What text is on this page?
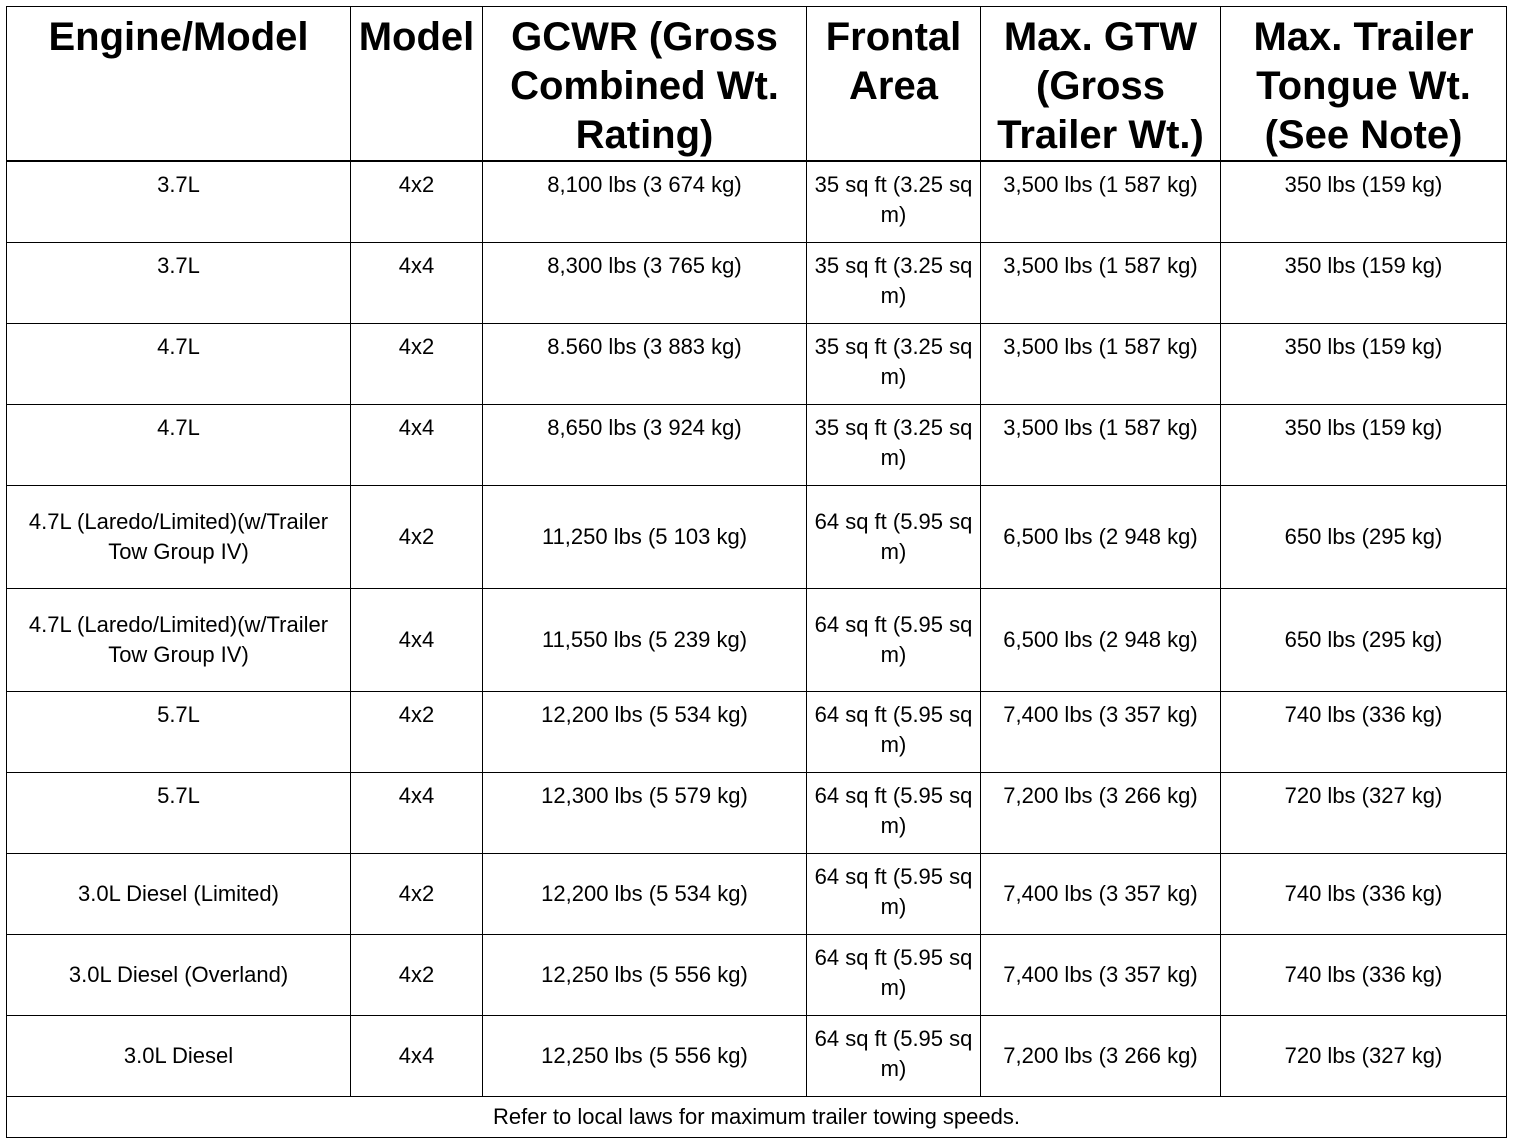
Engine/Model	Model	GCWR (Gross Combined Wt. Rating)	Frontal Area	Max. GTW (Gross Trailer Wt.)	Max. Trailer Tongue Wt. (See Note)
3.7L	4x2	8,100 lbs (3 674 kg)	35 sq ft (3.25 sq m)	3,500 lbs (1 587 kg)	350 lbs (159 kg)
3.7L	4x4	8,300 lbs (3 765 kg)	35 sq ft (3.25 sq m)	3,500 lbs (1 587 kg)	350 lbs (159 kg)
4.7L	4x2	8.560 lbs (3 883 kg)	35 sq ft (3.25 sq m)	3,500 lbs (1 587 kg)	350 lbs (159 kg)
4.7L	4x4	8,650 lbs (3 924 kg)	35 sq ft (3.25 sq m)	3,500 lbs (1 587 kg)	350 lbs (159 kg)
4.7L (Laredo/Limited)(w/Trailer Tow Group IV)	4x2	11,250 lbs (5 103 kg)	64 sq ft (5.95 sq m)	6,500 lbs (2 948 kg)	650 lbs (295 kg)
4.7L (Laredo/Limited)(w/Trailer Tow Group IV)	4x4	11,550 lbs (5 239 kg)	64 sq ft (5.95 sq m)	6,500 lbs (2 948 kg)	650 lbs (295 kg)
5.7L	4x2	12,200 lbs (5 534 kg)	64 sq ft (5.95 sq m)	7,400 lbs (3 357 kg)	740 lbs (336 kg)
5.7L	4x4	12,300 lbs (5 579 kg)	64 sq ft (5.95 sq m)	7,200 lbs (3 266 kg)	720 lbs (327 kg)
3.0L Diesel (Limited)	4x2	12,200 lbs (5 534 kg)	64 sq ft (5.95 sq m)	7,400 lbs (3 357 kg)	740 lbs (336 kg)
3.0L Diesel (Overland)	4x2	12,250 lbs (5 556 kg)	64 sq ft (5.95 sq m)	7,400 lbs (3 357 kg)	740 lbs (336 kg)
3.0L Diesel	4x4	12,250 lbs (5 556 kg)	64 sq ft (5.95 sq m)	7,200 lbs (3 266 kg)	720 lbs (327 kg)
Refer to local laws for maximum trailer towing speeds.					
